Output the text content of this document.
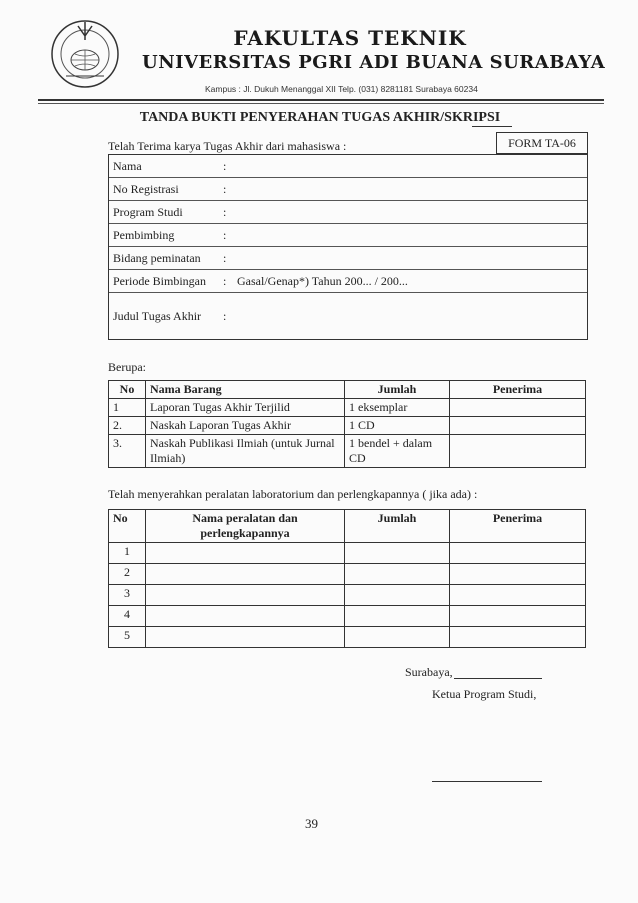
FAKULTAS TEKNIK
UNIVERSITAS PGRI ADI BUANA SURABAYA
Kampus : Jl. Dukuh Menanggal XII Telp. (031) 8281181 Surabaya 60234
TANDA BUKTI PENYERAHAN TUGAS AKHIR/SKRIPSI
Telah Terima karya Tugas Akhir dari mahasiswa :	FORM TA-06
Nama	:
No Registrasi	:
Program Studi	:
Pembimbing	:
Bidang peminatan	:
Periode Bimbingan	: Gasal/Genap*) Tahun 200... / 200...
Judul Tugas Akhir	:
Berupa:
No	Nama Barang	Jumlah	Penerima
1	Laporan Tugas Akhir Terjilid	1 eksemplar	
2.	Naskah Laporan Tugas Akhir	1 CD	
3.	Naskah Publikasi Ilmiah (untuk Jurnal Ilmiah)	1 bendel + dalam CD	
Telah menyerahkan peralatan laboratorium dan perlengkapannya ( jika ada) :
No	Nama peralatan dan perlengkapannya	Jumlah	Penerima
1			
2			
3			
4			
5			
Surabaya,
Ketua Program Studi,
39
